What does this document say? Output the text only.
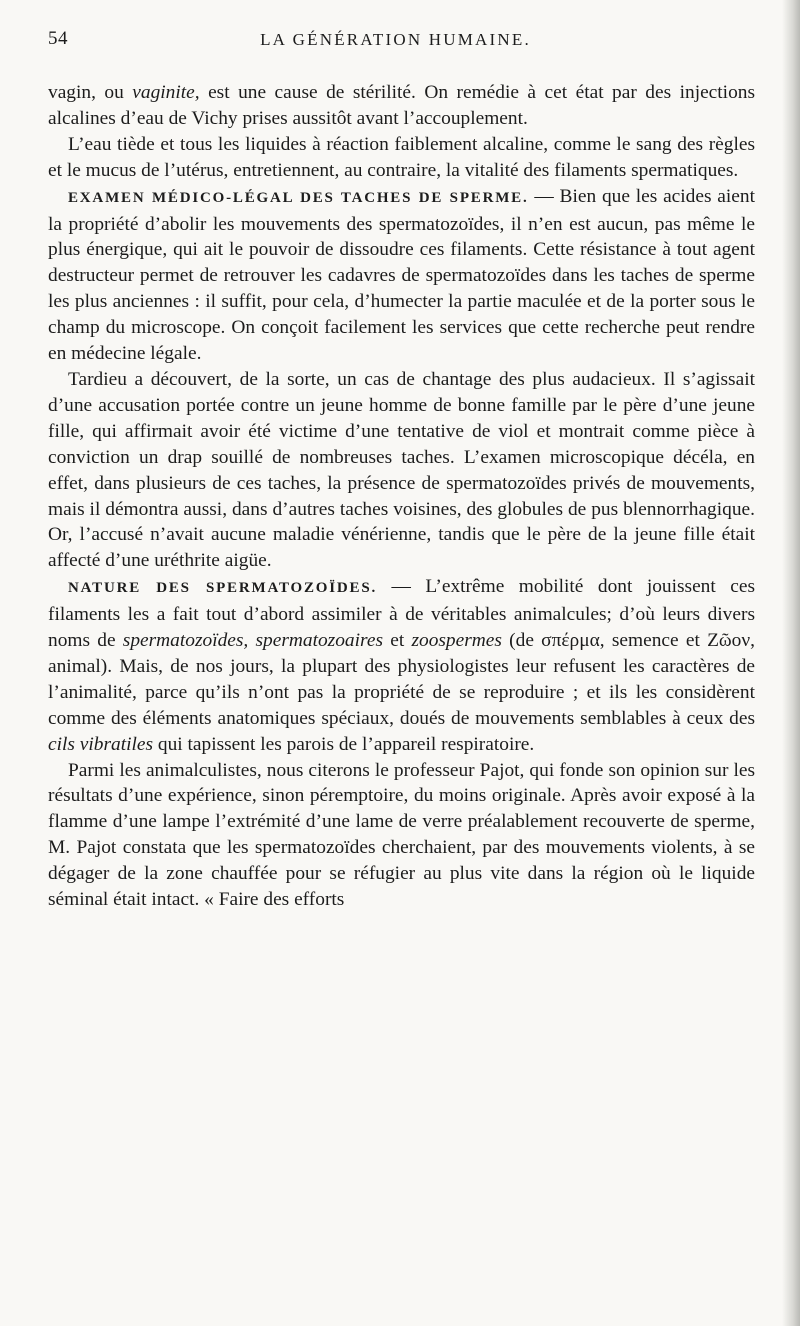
54	LA GÉNÉRATION HUMAINE.

vagin, ou vaginite, est une cause de stérilité. On remédie à cet état par des injections alcalines d’eau de Vichy prises aussitôt avant l’accouplement.

L’eau tiède et tous les liquides à réaction faiblement alcaline, comme le sang des règles et le mucus de l’utérus, entretiennent, au contraire, la vitalité des filaments spermatiques.

EXAMEN MÉDICO-LÉGAL DES TACHES DE SPERME. — Bien que les acides aient la propriété d’abolir les mouvements des spermatozoïdes, il n’en est aucun, pas même le plus énergique, qui ait le pouvoir de dissoudre ces filaments. Cette résistance à tout agent destructeur permet de retrouver les cadavres de spermatozoïdes dans les taches de sperme les plus anciennes : il suffit, pour cela, d’humecter la partie maculée et de la porter sous le champ du microscope. On conçoit facilement les services que cette recherche peut rendre en médecine légale.

Tardieu a découvert, de la sorte, un cas de chantage des plus audacieux. Il s’agissait d’une accusation portée contre un jeune homme de bonne famille par le père d’une jeune fille, qui affirmait avoir été victime d’une tentative de viol et montrait comme pièce à conviction un drap souillé de nombreuses taches. L’examen microscopique décéla, en effet, dans plusieurs de ces taches, la présence de spermatozoïdes privés de mouvements, mais il démontra aussi, dans d’autres taches voisines, des globules de pus blennorrhagique. Or, l’accusé n’avait aucune maladie vénérienne, tandis que le père de la jeune fille était affecté d’une uréthrite aigüe.

NATURE DES SPERMATOZOÏDES. — L’extrême mobilité dont jouissent ces filaments les a fait tout d’abord assimiler à de véritables animalcules; d’où leurs divers noms de spermatozoïdes, spermatozoaires et zoospermes (de σπέρμα, semence et Ζῶον, animal). Mais, de nos jours, la plupart des physiologistes leur refusent les caractères de l’animalité, parce qu’ils n’ont pas la propriété de se reproduire ; et ils les considèrent comme des éléments anatomiques spéciaux, doués de mouvements semblables à ceux des cils vibratiles qui tapissent les parois de l’appareil respiratoire.

Parmi les animalculistes, nous citerons le professeur Pajot, qui fonde son opinion sur les résultats d’une expérience, sinon péremptoire, du moins originale. Après avoir exposé à la flamme d’une lampe l’extrémité d’une lame de verre préalablement recouverte de sperme, M. Pajot constata que les spermatozoïdes cherchaient, par des mouvements violents, à se dégager de la zone chauffée pour se réfugier au plus vite dans la région où le liquide séminal était intact. « Faire des efforts
